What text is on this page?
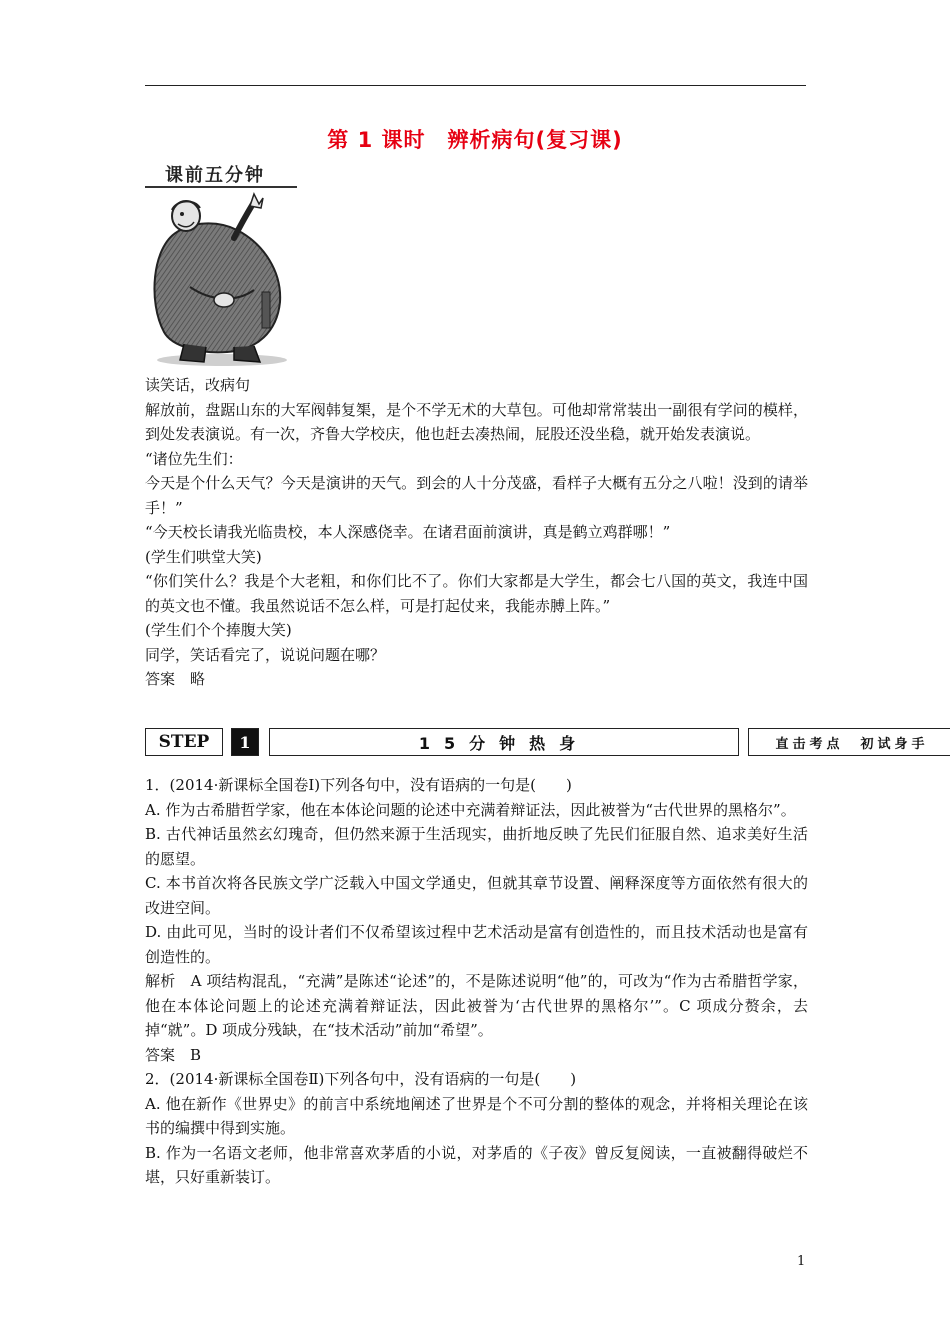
第 1 课时　辨析病句(复习课)
课前五分钟

读笑话，改病句

解放前，盘踞山东的大军阀韩复榘，是个不学无术的大草包。可他却常常装出一副很有学问的模样，到处发表演说。有一次，齐鲁大学校庆，他也赶去凑热闹，屁股还没坐稳，就开始发表演说。

“诸位先生们：

今天是个什么天气？今天是演讲的天气。到会的人十分茂盛，看样子大概有五分之八啦！没到的请举手！”

“今天校长请我光临贵校，本人深感侥幸。在诸君面前演讲，真是鹤立鸡群哪！”

(学生们哄堂大笑)

“你们笑什么？我是个大老粗，和你们比不了。你们大家都是大学生，都会七八国的英文，我连中国的英文也不懂。我虽然说话不怎么样，可是打起仗来，我能赤膊上阵。”

(学生们个个捧腹大笑)

同学，笑话看完了，说说问题在哪？

答案　略

STEP	1	15分钟热身	直击考点　初试身手

1．(2014·新课标全国卷Ⅰ)下列各句中，没有语病的一句是(　　)

A. 作为古希腊哲学家，他在本体论问题的论述中充满着辩证法，因此被誉为“古代世界的黑格尔”。

B. 古代神话虽然玄幻瑰奇，但仍然来源于生活现实，曲折地反映了先民们征服自然、追求美好生活的愿望。

C. 本书首次将各民族文学广泛载入中国文学通史，但就其章节设置、阐释深度等方面依然有很大的改进空间。

D. 由此可见，当时的设计者们不仅希望该过程中艺术活动是富有创造性的，而且技术活动也是富有创造性的。

解析　A 项结构混乱，“充满”是陈述“论述”的，不是陈述说明“他”的，可改为“作为古希腊哲学家，他在本体论问题上的论述充满着辩证法，因此被誉为‘古代世界的黑格尔’”。C 项成分赘余，去掉“就”。D 项成分残缺，在“技术活动”前加“希望”。

答案　B

2．(2014·新课标全国卷Ⅱ)下列各句中，没有语病的一句是(　　)

A. 他在新作《世界史》的前言中系统地阐述了世界是个不可分割的整体的观念，并将相关理论在该书的编撰中得到实施。

B. 作为一名语文老师，他非常喜欢茅盾的小说，对茅盾的《子夜》曾反复阅读，一直被翻得破烂不堪，只好重新装订。

1
